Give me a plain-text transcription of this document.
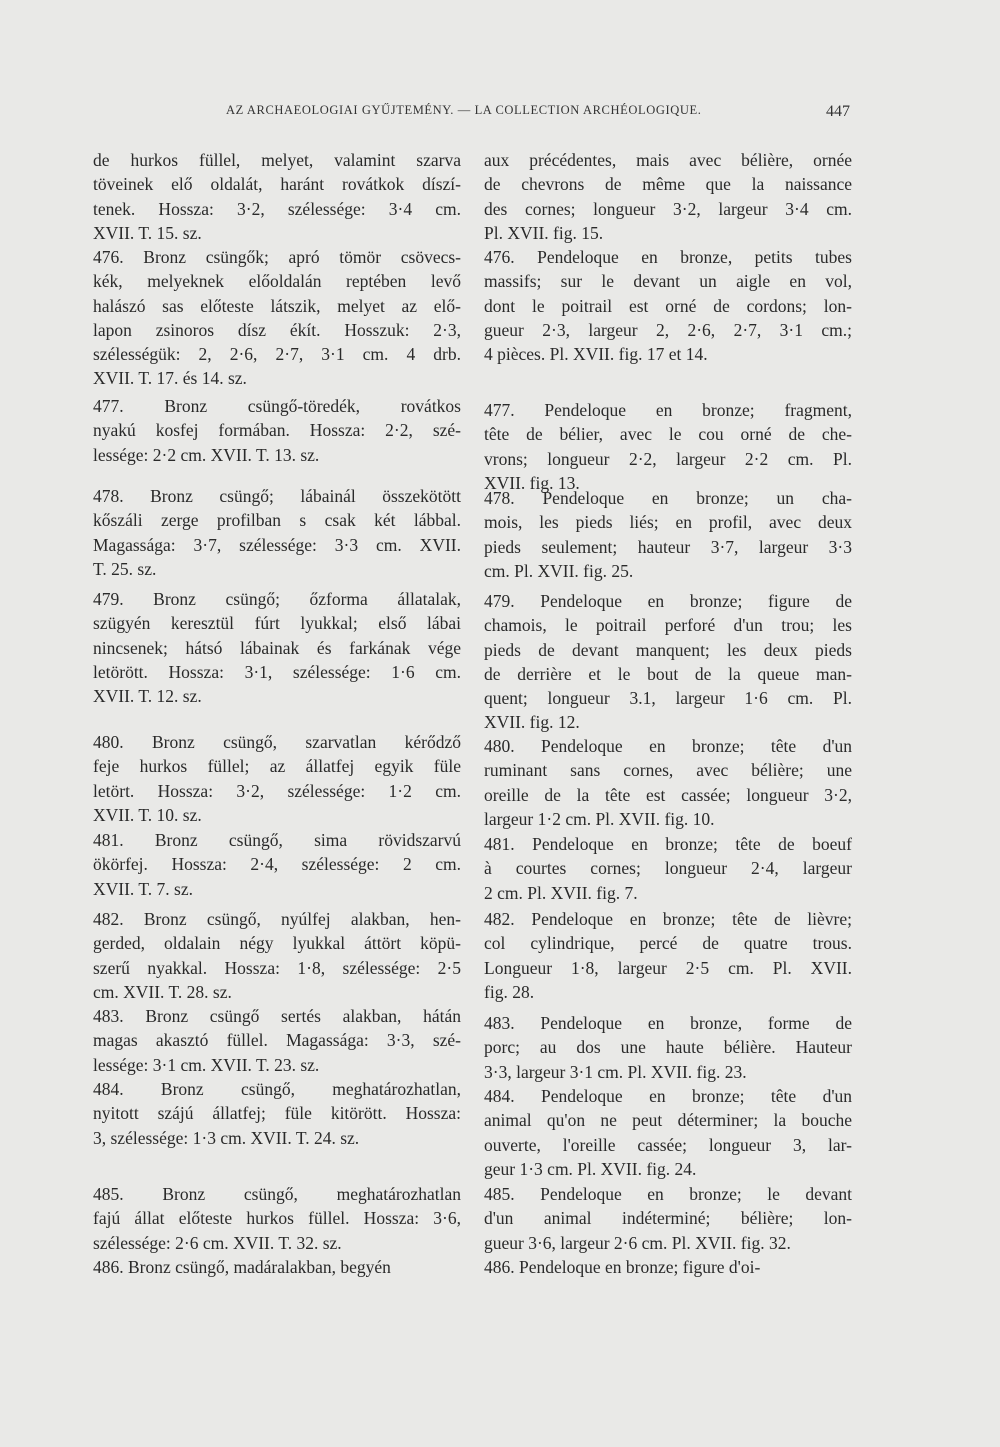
AZ ARCHAEOLOGIAI GYŰJTEMÉNY. — LA COLLECTION ARCHÉOLOGIQUE.	447
de hurkos füllel, melyet, valamint szarva
töveinek elő oldalát, haránt rovátkok díszí-
tenek. Hossza: 3·2, szélessége: 3·4 cm.
XVII. T. 15. sz.
476. Bronz csüngők; apró tömör csövecs-
kék, melyeknek előoldalán reptében levő
halászó sas előteste látszik, melyet az elő-
lapon zsinoros dísz ékít. Hosszuk: 2·3,
szélességük: 2, 2·6, 2·7, 3·1 cm. 4 drb.
XVII. T. 17. és 14. sz.
477. Bronz csüngő-töredék, rovátkos
nyakú kosfej formában. Hossza: 2·2, szé-
lessége: 2·2 cm. XVII. T. 13. sz.
478. Bronz csüngő; lábainál összekötött
kőszáli zerge profilban s csak két lábbal.
Magassága: 3·7, szélessége: 3·3 cm. XVII.
T. 25. sz.
479. Bronz csüngő; őzforma állatalak,
szügyén keresztül fúrt lyukkal; első lábai
nincsenek; hátsó lábainak és farkának vége
letörött. Hossza: 3·1, szélessége: 1·6 cm.
XVII. T. 12. sz.
480. Bronz csüngő, szarvatlan kérődző
feje hurkos füllel; az állatfej egyik füle
letört. Hossza: 3·2, szélessége: 1·2 cm.
XVII. T. 10. sz.
481. Bronz csüngő, sima rövidszarvú
ökörfej. Hossza: 2·4, szélessége: 2 cm.
XVII. T. 7. sz.
482. Bronz csüngő, nyúlfej alakban, hen-
gerded, oldalain négy lyukkal áttört köpü-
szerű nyakkal. Hossza: 1·8, szélessége: 2·5
cm. XVII. T. 28. sz.
483. Bronz csüngő sertés alakban, hátán
magas akasztó füllel. Magassága: 3·3, szé-
lessége: 3·1 cm. XVII. T. 23. sz.
484. Bronz csüngő, meghatározhatlan,
nyitott szájú állatfej; füle kitörött. Hossza:
3, szélessége: 1·3 cm. XVII. T. 24. sz.
485. Bronz csüngő, meghatározhatlan
fajú állat előteste hurkos füllel. Hossza: 3·6,
szélessége: 2·6 cm. XVII. T. 32. sz.
486. Bronz csüngő, madáralakban, begyén
aux précédentes, mais avec bélière, ornée
de chevrons de même que la naissance
des cornes; longueur 3·2, largeur 3·4 cm.
Pl. XVII. fig. 15.
476. Pendeloque en bronze, petits tubes
massifs; sur le devant un aigle en vol,
dont le poitrail est orné de cordons; lon-
gueur 2·3, largeur 2, 2·6, 2·7, 3·1 cm.;
4 pièces. Pl. XVII. fig. 17 et 14.
477. Pendeloque en bronze; fragment,
tête de bélier, avec le cou orné de che-
vrons; longueur 2·2, largeur 2·2 cm. Pl.
XVII. fig. 13.
478. Pendeloque en bronze; un cha-
mois, les pieds liés; en profil, avec deux
pieds seulement; hauteur 3·7, largeur 3·3
cm. Pl. XVII. fig. 25.
479. Pendeloque en bronze; figure de
chamois, le poitrail perforé d'un trou; les
pieds de devant manquent; les deux pieds
de derrière et le bout de la queue man-
quent; longueur 3.1, largeur 1·6 cm. Pl.
XVII. fig. 12.
480. Pendeloque en bronze; tête d'un
ruminant sans cornes, avec bélière; une
oreille de la tête est cassée; longueur 3·2,
largeur 1·2 cm. Pl. XVII. fig. 10.
481. Pendeloque en bronze; tête de boeuf
à courtes cornes; longueur 2·4, largeur
2 cm. Pl. XVII. fig. 7.
482. Pendeloque en bronze; tête de lièvre;
col cylindrique, percé de quatre trous.
Longueur 1·8, largeur 2·5 cm. Pl. XVII.
fig. 28.
483. Pendeloque en bronze, forme de
porc; au dos une haute bélière. Hauteur
3·3, largeur 3·1 cm. Pl. XVII. fig. 23.
484. Pendeloque en bronze; tête d'un
animal qu'on ne peut déterminer; la bouche
ouverte, l'oreille cassée; longueur 3, lar-
geur 1·3 cm. Pl. XVII. fig. 24.
485. Pendeloque en bronze; le devant
d'un animal indéterminé; bélière; lon-
gueur 3·6, largeur 2·6 cm. Pl. XVII. fig. 32.
486. Pendeloque en bronze; figure d'oi-
